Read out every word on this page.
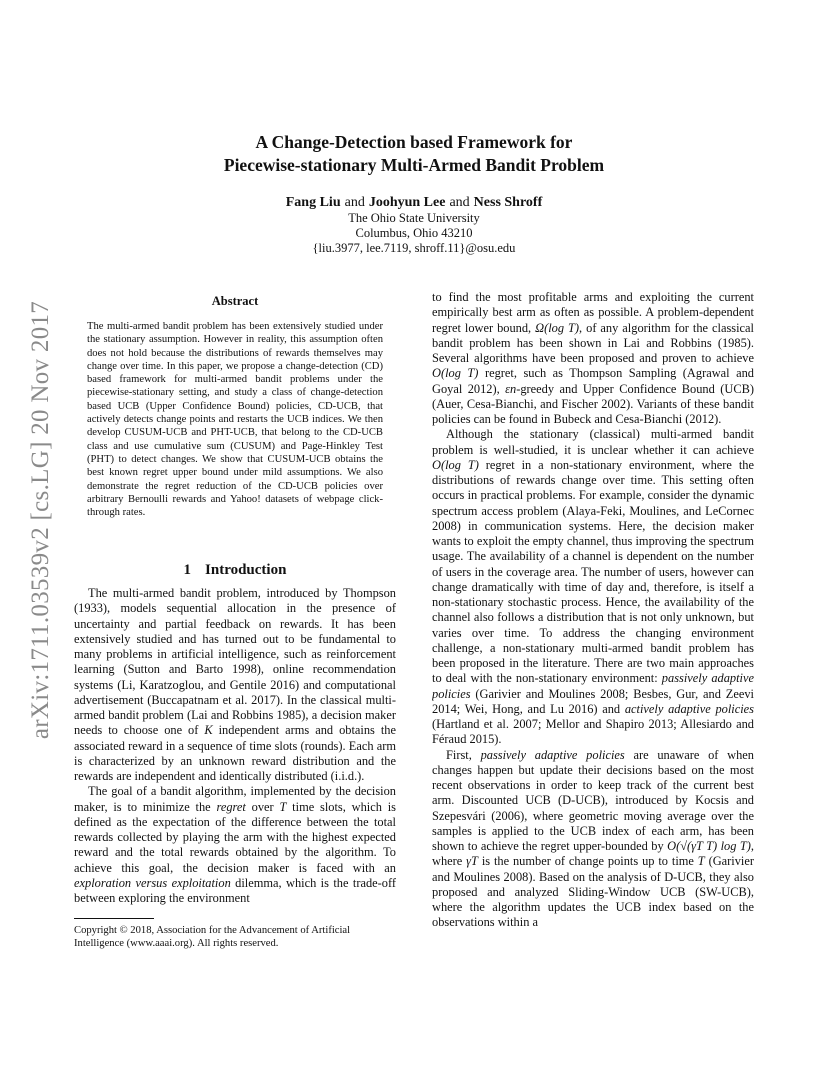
arXiv:1711.03539v2 [cs.LG] 20 Nov 2017
A Change-Detection based Framework for
Piecewise-stationary Multi-Armed Bandit Problem
Fang Liu and Joohyun Lee and Ness Shroff
The Ohio State University
Columbus, Ohio 43210
{liu.3977, lee.7119, shroff.11}@osu.edu
Abstract
The multi-armed bandit problem has been extensively studied under the stationary assumption. However in reality, this assumption often does not hold because the distributions of rewards themselves may change over time. In this paper, we propose a change-detection (CD) based framework for multi-armed bandit problems under the piecewise-stationary setting, and study a class of change-detection based UCB (Upper Confidence Bound) policies, CD-UCB, that actively detects change points and restarts the UCB indices. We then develop CUSUM-UCB and PHT-UCB, that belong to the CD-UCB class and use cumulative sum (CUSUM) and Page-Hinkley Test (PHT) to detect changes. We show that CUSUM-UCB obtains the best known regret upper bound under mild assumptions. We also demonstrate the regret reduction of the CD-UCB policies over arbitrary Bernoulli rewards and Yahoo! datasets of webpage click-through rates.
1 Introduction

The multi-armed bandit problem, introduced by Thompson (1933), models sequential allocation in the presence of uncertainty and partial feedback on rewards. It has been extensively studied and has turned out to be fundamental to many problems in artificial intelligence, such as reinforcement learning (Sutton and Barto 1998), online recommendation systems (Li, Karatzoglou, and Gentile 2016) and computational advertisement (Buccapatnam et al. 2017). In the classical multi-armed bandit problem (Lai and Robbins 1985), a decision maker needs to choose one of K independent arms and obtains the associated reward in a sequence of time slots (rounds). Each arm is characterized by an unknown reward distribution and the rewards are independent and identically distributed (i.i.d.).

The goal of a bandit algorithm, implemented by the decision maker, is to minimize the regret over T time slots, which is defined as the expectation of the difference between the total rewards collected by playing the arm with the highest expected reward and the total rewards obtained by the algorithm. To achieve this goal, the decision maker is faced with an exploration versus exploitation dilemma, which is the trade-off between exploring the environment

Copyright © 2018, Association for the Advancement of Artificial Intelligence (www.aaai.org). All rights reserved.

to find the most profitable arms and exploiting the current empirically best arm as often as possible. A problem-dependent regret lower bound, Ω(log T), of any algorithm for the classical bandit problem has been shown in Lai and Robbins (1985). Several algorithms have been proposed and proven to achieve O(log T) regret, such as Thompson Sampling (Agrawal and Goyal 2012), εn-greedy and Upper Confidence Bound (UCB) (Auer, Cesa-Bianchi, and Fischer 2002). Variants of these bandit policies can be found in Bubeck and Cesa-Bianchi (2012).

Although the stationary (classical) multi-armed bandit problem is well-studied, it is unclear whether it can achieve O(log T) regret in a non-stationary environment, where the distributions of rewards change over time. This setting often occurs in practical problems. For example, consider the dynamic spectrum access problem (Alaya-Feki, Moulines, and LeCornec 2008) in communication systems. Here, the decision maker wants to exploit the empty channel, thus improving the spectrum usage. The availability of a channel is dependent on the number of users in the coverage area. The number of users, however can change dramatically with time of day and, therefore, is itself a non-stationary stochastic process. Hence, the availability of the channel also follows a distribution that is not only unknown, but varies over time. To address the changing environment challenge, a non-stationary multi-armed bandit problem has been proposed in the literature. There are two main approaches to deal with the non-stationary environment: passively adaptive policies (Garivier and Moulines 2008; Besbes, Gur, and Zeevi 2014; Wei, Hong, and Lu 2016) and actively adaptive policies (Hartland et al. 2007; Mellor and Shapiro 2013; Allesiardo and Féraud 2015).

First, passively adaptive policies are unaware of when changes happen but update their decisions based on the most recent observations in order to keep track of the current best arm. Discounted UCB (D-UCB), introduced by Kocsis and Szepesvári (2006), where geometric moving average over the samples is applied to the UCB index of each arm, has been shown to achieve the regret upper-bounded by O(√(γT T) log T), where γT is the number of change points up to time T (Garivier and Moulines 2008). Based on the analysis of D-UCB, they also proposed and analyzed Sliding-Window UCB (SW-UCB), where the algorithm updates the UCB index based on the observations within a
